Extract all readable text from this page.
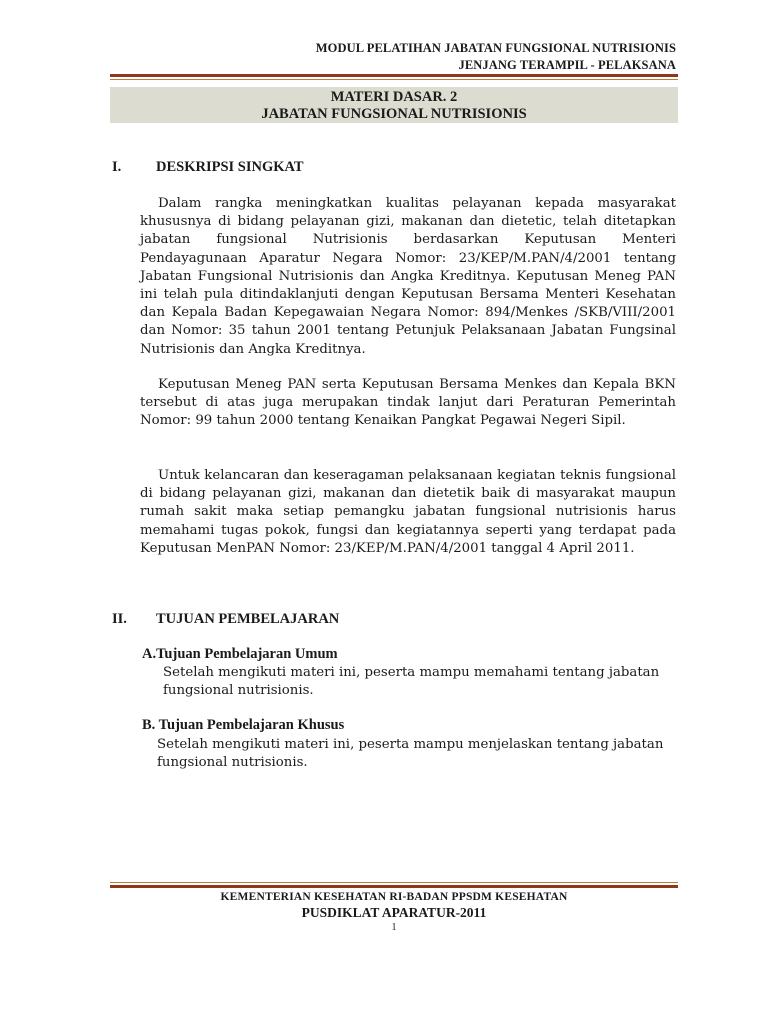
MODUL PELATIHAN JABATAN FUNGSIONAL NUTRISIONIS
JENJANG TERAMPIL - PELAKSANA
MATERI DASAR. 2
JABATAN FUNGSIONAL NUTRISIONIS
I. DESKRIPSI SINGKAT

Dalam rangka meningkatkan kualitas pelayanan kepada masyarakat khususnya di bidang pelayanan gizi, makanan dan dietetic, telah ditetapkan jabatan fungsional Nutrisionis berdasarkan Keputusan Menteri Pendayagunaan Aparatur Negara Nomor: 23/KEP/M.PAN/4/2001 tentang Jabatan Fungsional Nutrisionis dan Angka Kreditnya. Keputusan Meneg PAN ini telah pula ditindaklanjuti dengan Keputusan Bersama Menteri Kesehatan dan Kepala Badan Kepegawaian Negara Nomor: 894/Menkes /SKB/VIII/2001 dan Nomor: 35 tahun 2001 tentang Petunjuk Pelaksanaan Jabatan Fungsinal Nutrisionis dan Angka Kreditnya.

Keputusan Meneg PAN serta Keputusan Bersama Menkes dan Kepala BKN tersebut di atas juga merupakan tindak lanjut dari Peraturan Pemerintah Nomor: 99 tahun 2000 tentang Kenaikan Pangkat Pegawai Negeri Sipil.

Untuk kelancaran dan keseragaman pelaksanaan kegiatan teknis fungsional di bidang pelayanan gizi, makanan dan dietetik baik di masyarakat maupun rumah sakit maka setiap pemangku jabatan fungsional nutrisionis harus memahami tugas pokok, fungsi dan kegiatannya seperti yang terdapat pada Keputusan MenPAN Nomor: 23/KEP/M.PAN/4/2001 tanggal 4 April 2011.

II. TUJUAN PEMBELAJARAN
A.Tujuan Pembelajaran Umum

Setelah mengikuti materi ini, peserta mampu memahami tentang jabatan fungsional nutrisionis.

B. Tujuan Pembelajaran Khusus

Setelah mengikuti materi ini, peserta mampu menjelaskan tentang jabatan fungsional nutrisionis.

KEMENTERIAN KESEHATAN RI-BADAN PPSDM KESEHATAN
PUSDIKLAT APARATUR-2011
1
